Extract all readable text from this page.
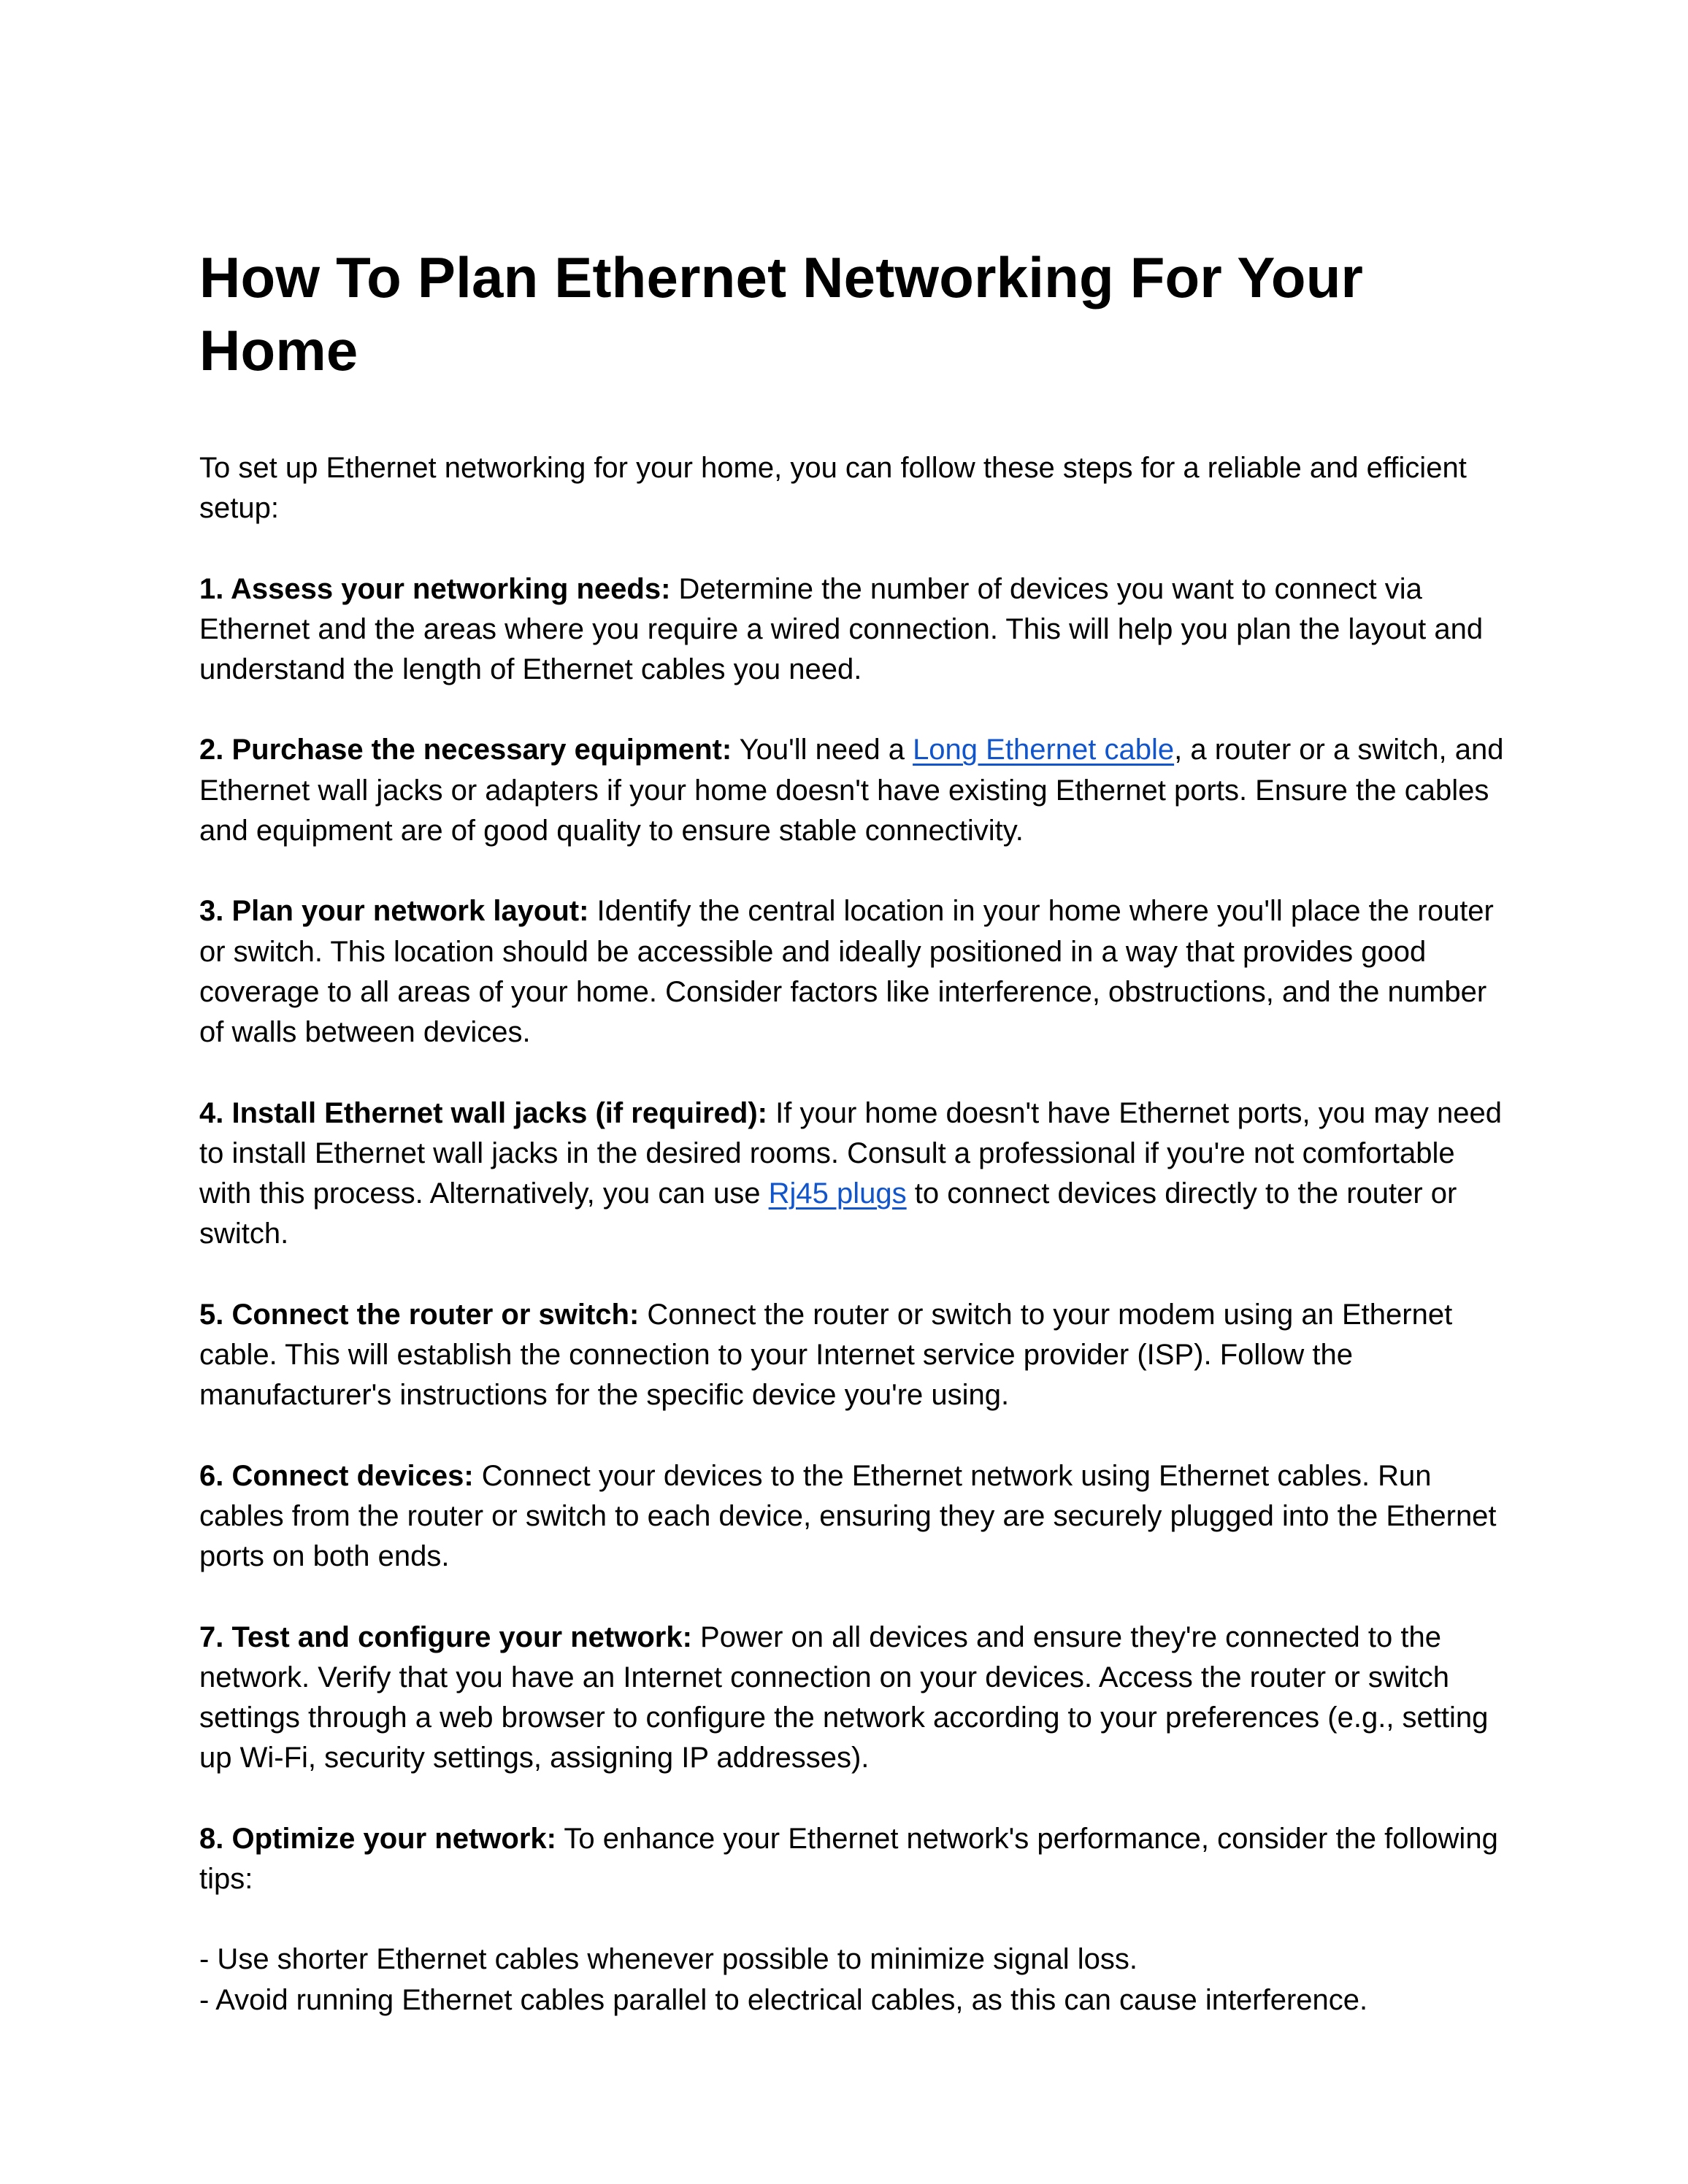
How To Plan Ethernet Networking For Your Home

To set up Ethernet networking for your home, you can follow these steps for a reliable and efficient setup:

1. Assess your networking needs: Determine the number of devices you want to connect via Ethernet and the areas where you require a wired connection. This will help you plan the layout and understand the length of Ethernet cables you need.

2. Purchase the necessary equipment: You'll need a Long Ethernet cable, a router or a switch, and Ethernet wall jacks or adapters if your home doesn't have existing Ethernet ports. Ensure the cables and equipment are of good quality to ensure stable connectivity.

3. Plan your network layout: Identify the central location in your home where you'll place the router or switch. This location should be accessible and ideally positioned in a way that provides good coverage to all areas of your home. Consider factors like interference, obstructions, and the number of walls between devices.

4. Install Ethernet wall jacks (if required): If your home doesn't have Ethernet ports, you may need to install Ethernet wall jacks in the desired rooms. Consult a professional if you're not comfortable with this process. Alternatively, you can use Rj45 plugs to connect devices directly to the router or switch.

5. Connect the router or switch: Connect the router or switch to your modem using an Ethernet cable. This will establish the connection to your Internet service provider (ISP). Follow the manufacturer's instructions for the specific device you're using.

6. Connect devices: Connect your devices to the Ethernet network using Ethernet cables. Run cables from the router or switch to each device, ensuring they are securely plugged into the Ethernet ports on both ends.

7. Test and configure your network: Power on all devices and ensure they're connected to the network. Verify that you have an Internet connection on your devices. Access the router or switch settings through a web browser to configure the network according to your preferences (e.g., setting up Wi-Fi, security settings, assigning IP addresses).

8. Optimize your network: To enhance your Ethernet network's performance, consider the following tips:

- Use shorter Ethernet cables whenever possible to minimize signal loss.
- Avoid running Ethernet cables parallel to electrical cables, as this can cause interference.
